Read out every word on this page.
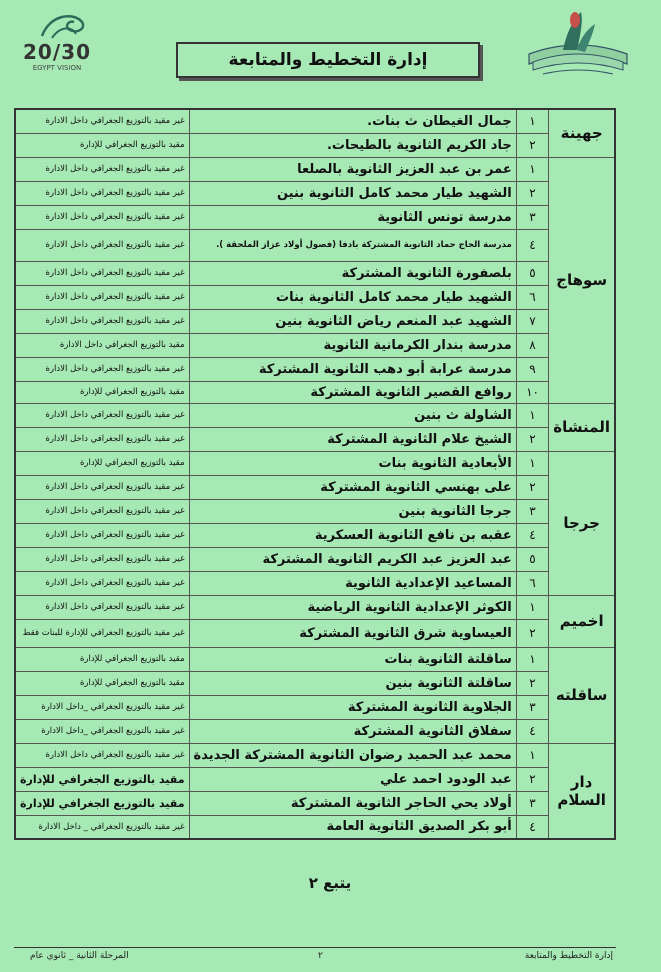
20/30
EGYPT VISION	إدارة التخطيط والمتابعة
جهينة	١	جمال الغيطان ث بنات.	غير مقيد بالتوزيع الجغرافي داخل الادارة
	٢	جاد الكريم الثانوية بالطيحات.	مقيد بالتوزيع الجغرافي للإدارة
سوهاج	١	عمر بن عبد العزيز الثانوية بالصلعا	غير مقيد بالتوزيع الجغرافي داخل الادارة
	٢	الشهيد طيار محمد كامل الثانوية بنين	غير مقيد بالتوزيع الجغرافي داخل الادارة
	٣	مدرسة تونس الثانوية	غير مقيد بالتوزيع الجغرافي داخل الادارة
	٤	مدرسة الحاج حماد الثانوية المشتركة بادفا (فصول أولاد عزاز الملحقة ).	غير مقيد بالتوزيع الجغرافي داخل الادارة
	٥	بلصفورة الثانوية المشتركة	غير مقيد بالتوزيع الجغرافي داخل الادارة
	٦	الشهيد طيار محمد كامل الثانوية بنات	غير مقيد بالتوزيع الجغرافي داخل الادارة
	٧	الشهيد عبد المنعم رياض الثانوية بنين	غير مقيد بالتوزيع الجغرافي داخل الادارة
	٨	مدرسة بندار الكرمانية الثانوية	مقيد بالتوزيع الجغرافي داخل الادارة
	٩	مدرسة عرابة أبو دهب الثانوية المشتركة	غير مقيد بالتوزيع الجغرافي داخل الادارة
	١٠	روافع القصير الثانوية المشتركة	مقيد بالتوزيع الجغرافي للإدارة
المنشاة	١	الشاولة ث بنين	غير مقيد بالتوزيع الجغرافي داخل الادارة
	٢	الشيخ علام الثانوية المشتركة	غير مقيد بالتوزيع الجغرافي داخل الادارة
جرجا	١	الأبعادية الثانوية بنات	مقيد بالتوزيع الجغرافي للإدارة
	٢	على بهنسي الثانوية المشتركة	غير مقيد بالتوزيع الجغرافي داخل الادارة
	٣	جرجا الثانوية بنين	غير مقيد بالتوزيع الجغرافي داخل الادارة
	٤	عقبه بن نافع الثانوية العسكرية	غير مقيد بالتوزيع الجغرافي داخل الادارة
	٥	عبد العزيز عبد الكريم الثانوية المشتركة	غير مقيد بالتوزيع الجغرافي داخل الادارة
	٦	المساعيد الإعدادية الثانوية	غير مقيد بالتوزيع الجغرافي داخل الادارة
اخميم	١	الكوثر الإعدادية الثانوية الرياضية	غير مقيد بالتوزيع الجغرافي داخل الادارة
	٢	العيساوية شرق الثانوية المشتركة	غير مقيد بالتوزيع الجغرافي للإدارة للبنات فقط
ساقلته	١	ساقلتة الثانوية بنات	مقيد بالتوزيع الجغرافي للإدارة
	٢	ساقلتة الثانوية بنين	مقيد بالتوزيع الجغرافي للإدارة
	٣	الجلاوية الثانوية المشتركة	غير مقيد بالتوزيع الجغرافي _داخل الادارة
	٤	سفلاق الثانوية المشتركة	غير مقيد بالتوزيع الجغرافي _داخل الادارة
دار السلام	١	محمد عبد الحميد رضوان الثانوية المشتركة الجديدة	غير مقيد بالتوزيع الجغرافي داخل الادارة
	٢	عبد الودود احمد علي	مقيد بالتوزيع الجغرافي للإدارة
	٣	أولاد يحي الحاجر الثانوية المشتركة	مقيد بالتوزيع الجغرافي للإدارة
	٤	أبو بكر الصديق الثانوية العامة	غير مقيد بالتوزيع الجغرافي _ داخل الادارة
يتبع ٢
إدارة التخطيط والمتابعة
٢
المرحلة الثانية _ ثانوي عام
